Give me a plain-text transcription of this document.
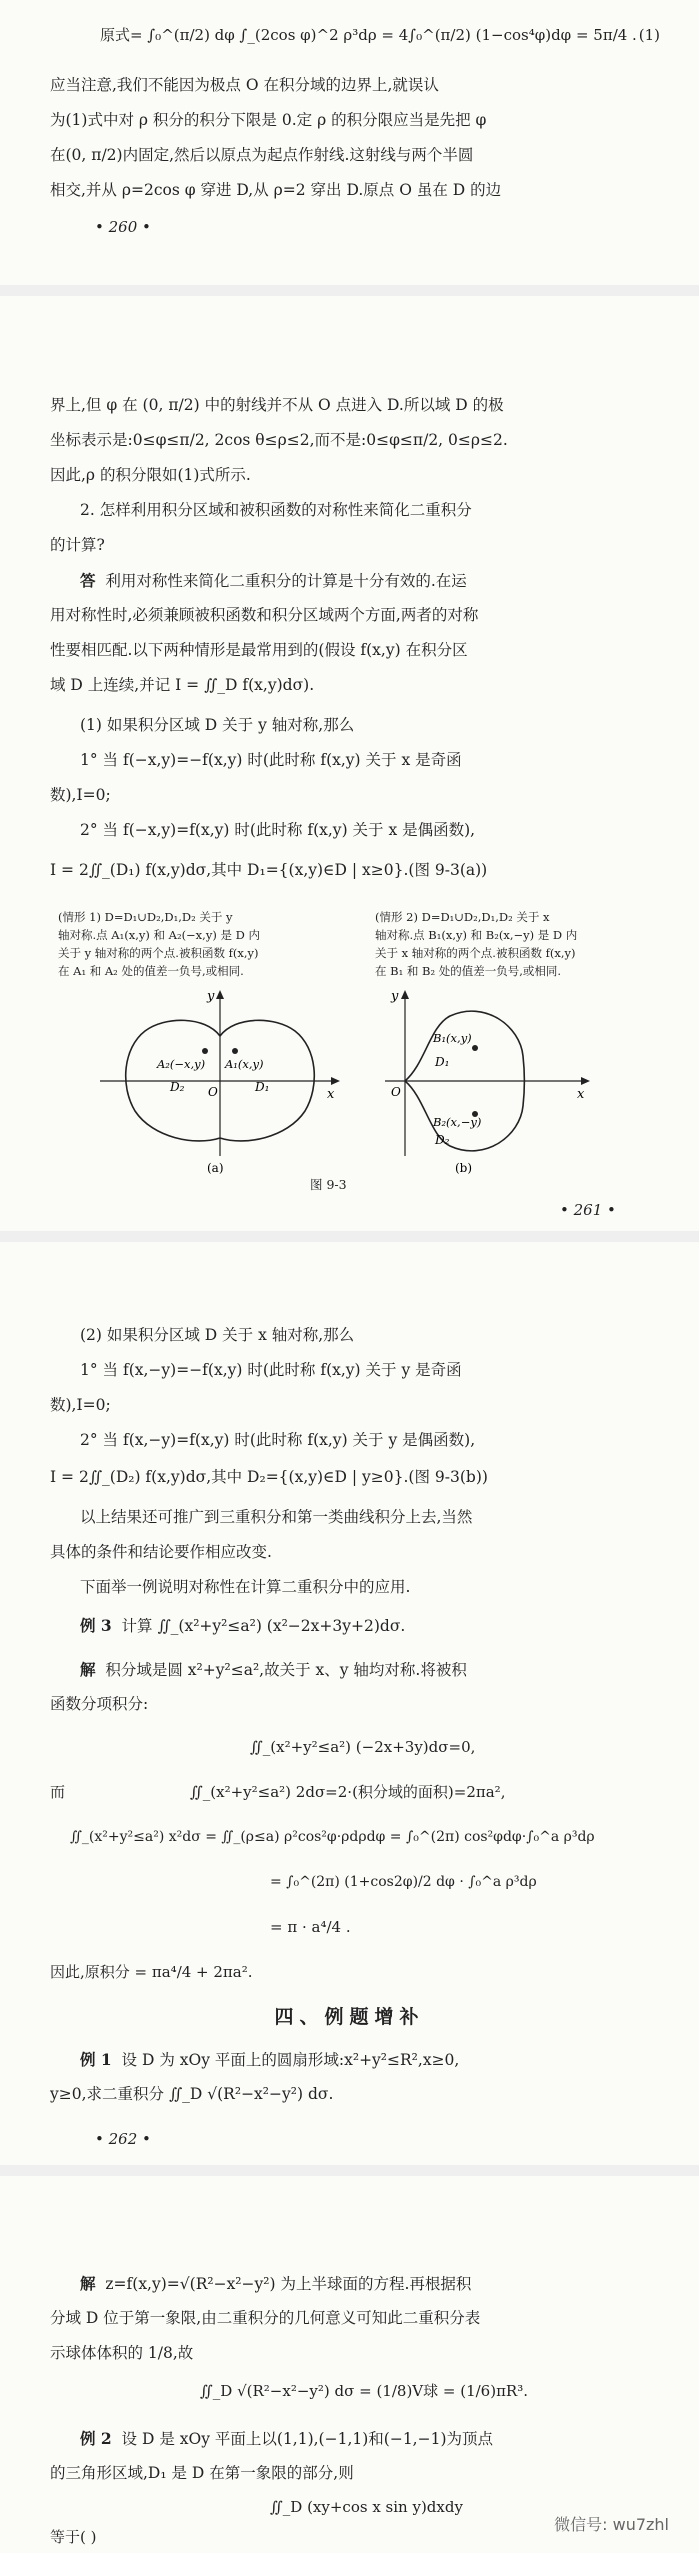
原式= ∫₀^(π/2) dφ ∫_(2cos φ)^2 ρ³dρ = 4∫₀^(π/2) (1−cos⁴φ)dφ = 5π/4 . (1)

应当注意,我们不能因为极点 O 在积分域的边界上,就误认

为(1)式中对 ρ 积分的积分下限是 0.定 ρ 的积分限应当是先把 φ

在(0, π/2)内固定,然后以原点为起点作射线.这射线与两个半圆

相交,并从 ρ=2cos φ 穿进 D,从 ρ=2 穿出 D.原点 O 虽在 D 的边

• 260 •

界上,但 φ 在 (0, π/2) 中的射线并不从 O 点进入 D.所以域 D 的极

坐标表示是:0≤φ≤π/2, 2cos θ≤ρ≤2,而不是:0≤φ≤π/2, 0≤ρ≤2.

因此,ρ 的积分限如(1)式所示.

2. 怎样利用积分区域和被积函数的对称性来简化二重积分

的计算?

答 利用对称性来简化二重积分的计算是十分有效的.在运

用对称性时,必须兼顾被积函数和积分区域两个方面,两者的对称

性要相匹配.以下两种情形是最常用到的(假设 f(x,y) 在积分区

域 D 上连续,并记 I = ∬_D f(x,y)dσ).

(1) 如果积分区域 D 关于 y 轴对称,那么

1° 当 f(−x,y)=−f(x,y) 时(此时称 f(x,y) 关于 x 是奇函

数),I=0;

2° 当 f(−x,y)=f(x,y) 时(此时称 f(x,y) 关于 x 是偶函数),

I = 2∬_(D₁) f(x,y)dσ,其中 D₁={(x,y)∈D | x≥0}.(图 9-3(a))

(情形 1) D=D₁∪D₂,D₁,D₂ 关于 y
轴对称.点 A₁(x,y) 和 A₂(−x,y) 是 D 内
关于 y 轴对称的两个点.被积函数 f(x,y)
在 A₁ 和 A₂ 处的值差一负号,或相同.
(情形 2) D=D₁∪D₂,D₁,D₂ 关于 x
轴对称.点 B₁(x,y) 和 B₂(x,−y) 是 D 内
关于 x 轴对称的两个点.被积函数 f(x,y)
在 B₁ 和 B₂ 处的值差一负号,或相同.
y
x
O
A₂(−x,y) A₁(x,y)
D₂	D₁
(a)
y
x
O
B₁(x,y)
D₁
B₂(x,−y)
D₂
(b)
图 9-3
• 261 •

(2) 如果积分区域 D 关于 x 轴对称,那么

1° 当 f(x,−y)=−f(x,y) 时(此时称 f(x,y) 关于 y 是奇函

数),I=0;

2° 当 f(x,−y)=f(x,y) 时(此时称 f(x,y) 关于 y 是偶函数),

I = 2∬_(D₂) f(x,y)dσ,其中 D₂={(x,y)∈D | y≥0}.(图 9-3(b))

以上结果还可推广到三重积分和第一类曲线积分上去,当然

具体的条件和结论要作相应改变.

下面举一例说明对称性在计算二重积分中的应用.

例 3 计算 ∬_(x²+y²≤a²) (x²−2x+3y+2)dσ.

解 积分域是圆 x²+y²≤a²,故关于 x、y 轴均对称.将被积

函数分项积分:

∬_(x²+y²≤a²) (−2x+3y)dσ=0,
而	∬_(x²+y²≤a²) 2dσ=2·(积分域的面积)=2πa²,
∬_(x²+y²≤a²) x²dσ = ∬_(ρ≤a) ρ²cos²φ·ρdρdφ = ∫₀^(2π) cos²φdφ·∫₀^a ρ³dρ
= ∫₀^(2π) (1+cos2φ)/2 dφ · ∫₀^a ρ³dρ
= π · a⁴/4 .
因此,原积分 = πa⁴/4 + 2πa².
四、例题增补

例 1 设 D 为 xOy 平面上的圆扇形域:x²+y²≤R²,x≥0,

y≥0,求二重积分 ∬_D √(R²−x²−y²) dσ.

• 262 •

解 z=f(x,y)=√(R²−x²−y²) 为上半球面的方程.再根据积

分域 D 位于第一象限,由二重积分的几何意义可知此二重积分表

示球体体积的 1/8,故

∬_D √(R²−x²−y²) dσ = (1/8)V球 = (1/6)πR³.

例 2 设 D 是 xOy 平面上以(1,1),(−1,1)和(−1,−1)为顶点

的三角形区域,D₁ 是 D 在第一象限的部分,则

∬_D (xy+cos x sin y)dxdy
等于( )
微信号: wu7zhl
